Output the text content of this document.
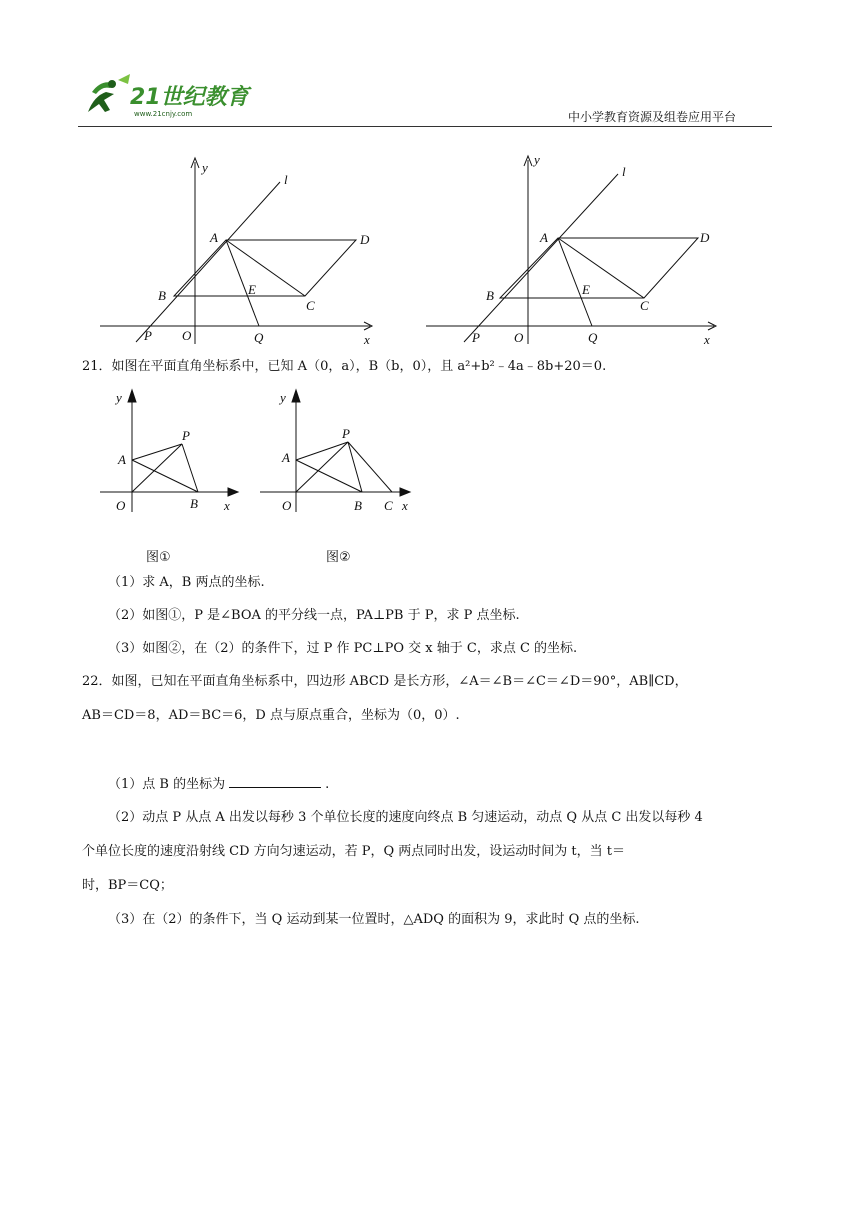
21世纪教育
www.21cnjy.com	中小学教育资源及组卷应用平台
y
l
A	D
B	E
C
P O	Q	x
y
l
A	D
B	E
C
P	O	Q	x
21．如图在平面直角坐标系中，已知 A（0，a），B（b，0），且 a²+b²﹣4a﹣8b+20＝0.
y
A
P
O	B x
y
A
P
O	B C x
图①	图②
（1）求 A，B 两点的坐标.
（2）如图①，P 是∠BOA 的平分线一点，PA⊥PB 于 P，求 P 点坐标.
（3）如图②，在（2）的条件下，过 P 作 PC⊥PO 交 x 轴于 C，求点 C 的坐标.
22．如图，已知在平面直角坐标系中，四边形 ABCD 是长方形，∠A＝∠B＝∠C＝∠D＝90°，AB∥CD，
AB＝CD＝8，AD＝BC＝6，D 点与原点重合，坐标为（0，0）.
（1）点 B 的坐标为	.
（2）动点 P 从点 A 出发以每秒 3 个单位长度的速度向终点 B 匀速运动，动点 Q 从点 C 出发以每秒 4
个单位长度的速度沿射线 CD 方向匀速运动，若 P，Q 两点同时出发，设运动时间为 t，当 t＝
时，BP＝CQ；
（3）在（2）的条件下，当 Q 运动到某一位置时，△ADQ 的面积为 9，求此时 Q 点的坐标.
